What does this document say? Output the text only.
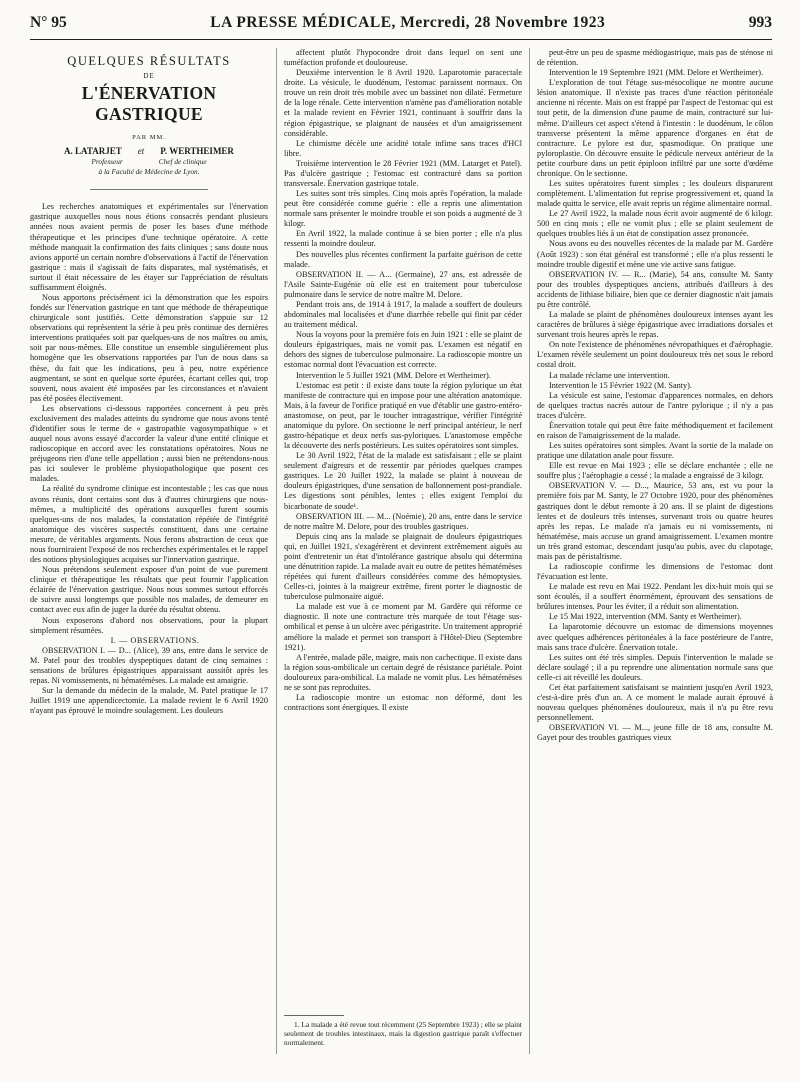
N° 95	LA PRESSE MÉDICALE, Mercredi, 28 Novembre 1923	993
QUELQUES RÉSULTATS
DE
L'ÉNERVATION GASTRIQUE
PAR MM.
A. LATARJET et P. WERTHEIMER
Professeur	Chef de clinique
à la Faculté de Médecine de Lyon.

Les recherches anatomiques et expérimentales sur l'énervation gastrique auxquelles nous nous étions consacrés pendant plusieurs années nous avaient permis de poser les bases d'une méthode thérapeutique et les principes d'une technique opératoire. A cette méthode manquait la confirmation des faits cliniques ; sans doute nous avions apporté un certain nombre d'observations à l'actif de l'énervation gastrique : mais il s'agissait de faits disparates, mal systématisés, et surtout il était nécessaire de les étayer sur l'appréciation de résultats suffisamment éloignés.

Nous apportons précisément ici la démonstration que les espoirs fondés sur l'énervation gastrique en tant que méthode de thérapeutique chirurgicale sont justifiés. Cette démonstration s'appuie sur 12 observations qui représentent la série à peu près continue des dernières interventions pratiquées soit par quelques-uns de nos maîtres ou amis, soit par nous-mêmes. Elle constitue un ensemble singulièrement plus homogène que les observations rapportées par l'un de nous dans sa thèse, du fait que les indications, peu à peu, notre expérience augmentant, se sont en quelque sorte épurées, écartant celles qui, trop souvent, nous avaient été imposées par les circonstances et n'avaient pas été posées électivement.

Les observations ci-dessous rapportées concernent à peu près exclusivement des malades atteints du syndrome que nous avons tenté d'identifier sous le terme de « gastropathie vagosympathique » et auquel nous avons essayé d'accorder la valeur d'une entité clinique et radioscopique en accord avec les constatations opératoires. Nous ne préjugeons rien d'une telle appellation ; aussi bien ne prétendons-nous pas ici soulever le problème physiopathologique que posent ces malades.

La réalité du syndrome clinique est incontestable ; les cas que nous avons réunis, dont certains sont dus à d'autres chirurgiens que nous-mêmes, a multiplicité des opérations auxquelles furent soumis quelques-uns de nos malades, la constatation répétée de l'intégrité anatomique des viscères suspectés constituent, dans une certaine mesure, de véritables arguments. Nous ferons abstraction de ceux que nous fourniraient l'exposé de nos recherches expérimentales et le rappel des notions physiologiques acquises sur l'innervation gastrique.

Nous prétendons seulement exposer d'un point de vue purement clinique et thérapeutique les résultats que peut fournir l'application éclairée de l'énervation gastrique. Nous nous sommes surtout efforcés de suivre aussi longtemps que possible nos malades, de demeurer en contact avec eux afin de juger la durée du résultat obtenu.

Nous exposerons d'abord nos observations, pour la plupart simplement résumées.

I. — OBSERVATIONS.

OBSERVATION I. — D... (Alice), 39 ans, entre dans le service de M. Patel pour des troubles dyspeptiques datant de cinq semaines : sensations de brûlures épigastriques apparaissant aussitôt après les repas. Ni vomissements, ni hématémèses. La malade est amaigrie.

Sur la demande du médecin de la malade, M. Patel pratique le 17 Juillet 1919 une appendicectomie. La malade revient le 6 Avril 1920 n'ayant pas éprouvé le moindre soulagement. Les douleurs

affectent plutôt l'hypocondre droit dans lequel on sent une tuméfaction profonde et douloureuse.

Deuxième intervention le 8 Avril 1920. Laparotomie paracectale droite. La vésicule, le duodénum, l'estomac paraissent normaux. On trouve un rein droit très mobile avec un bassinet non dilaté. Fermeture de la loge rénale. Cette intervention n'amène pas d'amélioration notable et la malade revient en Février 1921, continuant à souffrir dans la région épigastrique, se plaignant de nausées et d'un amaigrissement considérable.

Le chimisme décèle une acidité totale infime sans traces d'HCl libre.

Troisième intervention le 28 Février 1921 (MM. Latarget et Patel). Pas d'ulcère gastrique ; l'estomac est contracturé dans sa portion transversale. Énervation gastrique totale.

Les suites sont très simples. Cinq mois après l'opération, la malade peut être considérée comme guérie : elle a repris une alimentation normale sans présenter le moindre trouble et son poids a augmenté de 3 kilogr.

En Avril 1922, la malade continue à se bien porter ; elle n'a plus ressenti la moindre douleur.

Des nouvelles plus récentes confirment la parfaite guérison de cette malade.

OBSERVATION II. — A... (Germaine), 27 ans, est adressée de l'Asile Sainte-Eugénie où elle est en traitement pour tuberculose pulmonaire dans le service de notre maître M. Delore.

Pendant trois ans, de 1914 à 1917, la malade a souffert de douleurs abdominales mal localisées et d'une diarrhée rebelle qui finit par céder au traitement médical.

Nous la voyons pour la première fois en Juin 1921 : elle se plaint de douleurs épigastriques, mais ne vomit pas. L'examen est négatif en dehors des signes de tuberculose pulmonaire. La radioscopie montre un estomac normal dont l'évacuation est correcte.

Intervention le 5 Juillet 1921 (MM. Delore et Wertheimer).

L'estomac est petit : il existe dans toute la région pylorique un état manifeste de contracture qui en impose pour une altération anatomique. Mais, à la faveur de l'orifice pratiqué en vue d'établir une gastro-entéro-anastomose, on peut, par le toucher intragastrique, vérifier l'intégrité anatomique du pylore. On sectionne le nerf principal antérieur, le nerf gastro-hépatique et deux nerfs sus-pyloriques. L'anastomose empêche la découverte des nerfs postérieurs. Les suites opératoires sont simples.

Le 30 Avril 1922, l'état de la malade est satisfaisant ; elle se plaint seulement d'aigreurs et de ressentir par périodes quelques crampes gastriques. Le 20 Juillet 1922, la malade se plaint à nouveau de douleurs épigastriques, d'une sensation de ballonnement post-prandiale. Les digestions sont pénibles, lentes ; elles exigent l'emploi du bicarbonate de soude¹.

OBSERVATION III. — M... (Noémie), 20 ans, entre dans le service de notre maître M. Delore, pour des troubles gastriques.

Depuis cinq ans la malade se plaignait de douleurs épigastriques qui, en Juillet 1921, s'exagérèrent et devinrent extrêmement aiguës au point d'entretenir un état d'intolérance gastrique absolu qui détermina une dénutrition rapide. La malade avait eu outre de petites hématémèses répétées qui furent d'ailleurs considérées comme des hémoptysies. Celles-ci, jointes à la maigreur extrême, firent porter le diagnostic de tuberculose pulmonaire aiguë.

La malade est vue à ce moment par M. Gardère qui réforme ce diagnostic. Il note une contracture très marquée de tout l'étage sus-ombilical et pense à un ulcère avec périgastrite. Un traitement approprié améliore la malade et permet son transport à l'Hôtel-Dieu (Septembre 1921).

A l'entrée, malade pâle, maigre, mais non cachectique. Il existe dans la région sous-ombilicale un certain degré de résistance pariétale. Point douloureux para-ombilical. La malade ne vomit plus. Les hématémèses ne se sont pas reproduites.

La radioscopie montre un estomac non déformé, dont les contractions sont énergiques. Il existe

1. La malade a été revue tout récemment (25 Septembre 1923) ; elle se plaint seulement de troubles intestinaux, mais la digestion gastrique paraît s'effectuer normalement.

peut-être un peu de spasme médiogastrique, mais pas de sténose ni de rétention.

Intervention le 19 Septembre 1921 (MM. Delore et Wertheimer).

L'exploration de tout l'étage sus-mésocolique ne montre aucune lésion anatomique. Il n'existe pas traces d'une réaction péritonéale ancienne ni récente. Mais on est frappé par l'aspect de l'estomac qui est tout petit, de la dimension d'une paume de main, contracturé sur lui-même. D'ailleurs cet aspect s'étend à l'intestin : le duodénum, le côlon transverse présentent la même apparence d'organes en état de contracture. Le pylore est dur, spasmodique. On pratique une pyloroplastie. On découvre ensuite le pédicule nerveux antérieur de la petite courbure dans un petit épiploon infiltré par une sorte d'œdème chronique. On le sectionne.

Les suites opératoires furent simples ; les douleurs disparurent complètement. L'alimentation fut reprise progressivement et, quand la malade quitta le service, elle avait repris un régime alimentaire normal.

Le 27 Avril 1922, la malade nous écrit avoir augmenté de 6 kilogr. 500 en cinq mois ; elle ne vomit plus ; elle se plaint seulement de quelques troubles liés à un état de constipation assez prononcée.

Nous avons eu des nouvelles récentes de la malade par M. Gardère (Août 1923) : son état général est transformé ; elle n'a plus ressenti le moindre trouble digestif et mène une vie active sans fatigue.

OBSERVATION IV. — R... (Marie), 54 ans, consulte M. Santy pour des troubles dyspeptiques anciens, attribués d'ailleurs à des accidents de lithiase biliaire, bien que ce dernier diagnostic n'ait jamais pu être contrôlé.

La malade se plaint de phénomènes douloureux intenses ayant les caractères de brûlures à siège épigastrique avec irradiations dorsales et survenant trois heures après le repas.

On note l'existence de phénomènes névropathiques et d'aérophagie. L'examen révèle seulement un point douloureux très net sous le rebord costal droit.

La malade réclame une intervention.

Intervention le 15 Février 1922 (M. Santy).

La vésicule est saine, l'estomac d'apparences normales, en dehors de quelques tractus nacrés autour de l'antre pylorique ; il n'y a pas traces d'ulcère.

Énervation totale qui peut être faite méthodiquement et facilement en raison de l'amaigrissement de la malade.

Les suites opératoires sont simples. Avant la sortie de la malade on pratique une dilatation anale pour fissure.

Elle est revue en Mai 1923 ; elle se déclare enchantée ; elle ne souffre plus ; l'aérophagie a cessé ; la malade a engraissé de 3 kilogr.

OBSERVATION V. — D..., Maurice, 53 ans, est vu pour la première fois par M. Santy, le 27 Octobre 1920, pour des phénomènes gastriques dont le début remonte à 20 ans. Il se plaint de digestions lentes et de douleurs très intenses, survenant trois ou quatre heures après les repas. Le malade n'a jamais eu ni vomissements, ni hématémèse, mais accuse un grand amaigrissement. L'examen montre un très grand estomac, descendant jusqu'au pubis, avec du clapotage, mais pas de péristaltisme.

La radioscopie confirme les dimensions de l'estomac dont l'évacuation est lente.

Le malade est revu en Mai 1922. Pendant les dix-huit mois qui se sont écoulés, il a souffert énormément, éprouvant des sensations de brûlures intenses. Pour les éviter, il a réduit son alimentation.

Le 15 Mai 1922, intervention (MM. Santy et Wertheimer).

La laparotomie découvre un estomac de dimensions moyennes avec quelques adhérences péritonéales à la face postérieure de l'antre, mais sans trace d'ulcère. Énervation totale.

Les suites ont été très simples. Depuis l'intervention le malade se déclare soulagé ; il a pu reprendre une alimentation normale sans que celle-ci ait réveillé les douleurs.

Cet état parfaitement satisfaisant se maintient jusqu'en Avril 1923, c'est-à-dire près d'un an. A ce moment le malade aurait éprouvé à nouveau quelques phénomènes douloureux, mais il n'a pu être revu personnellement.

OBSERVATION VI. — M..., jeune fille de 18 ans, consulte M. Gayet pour des troubles gastriques vieux
